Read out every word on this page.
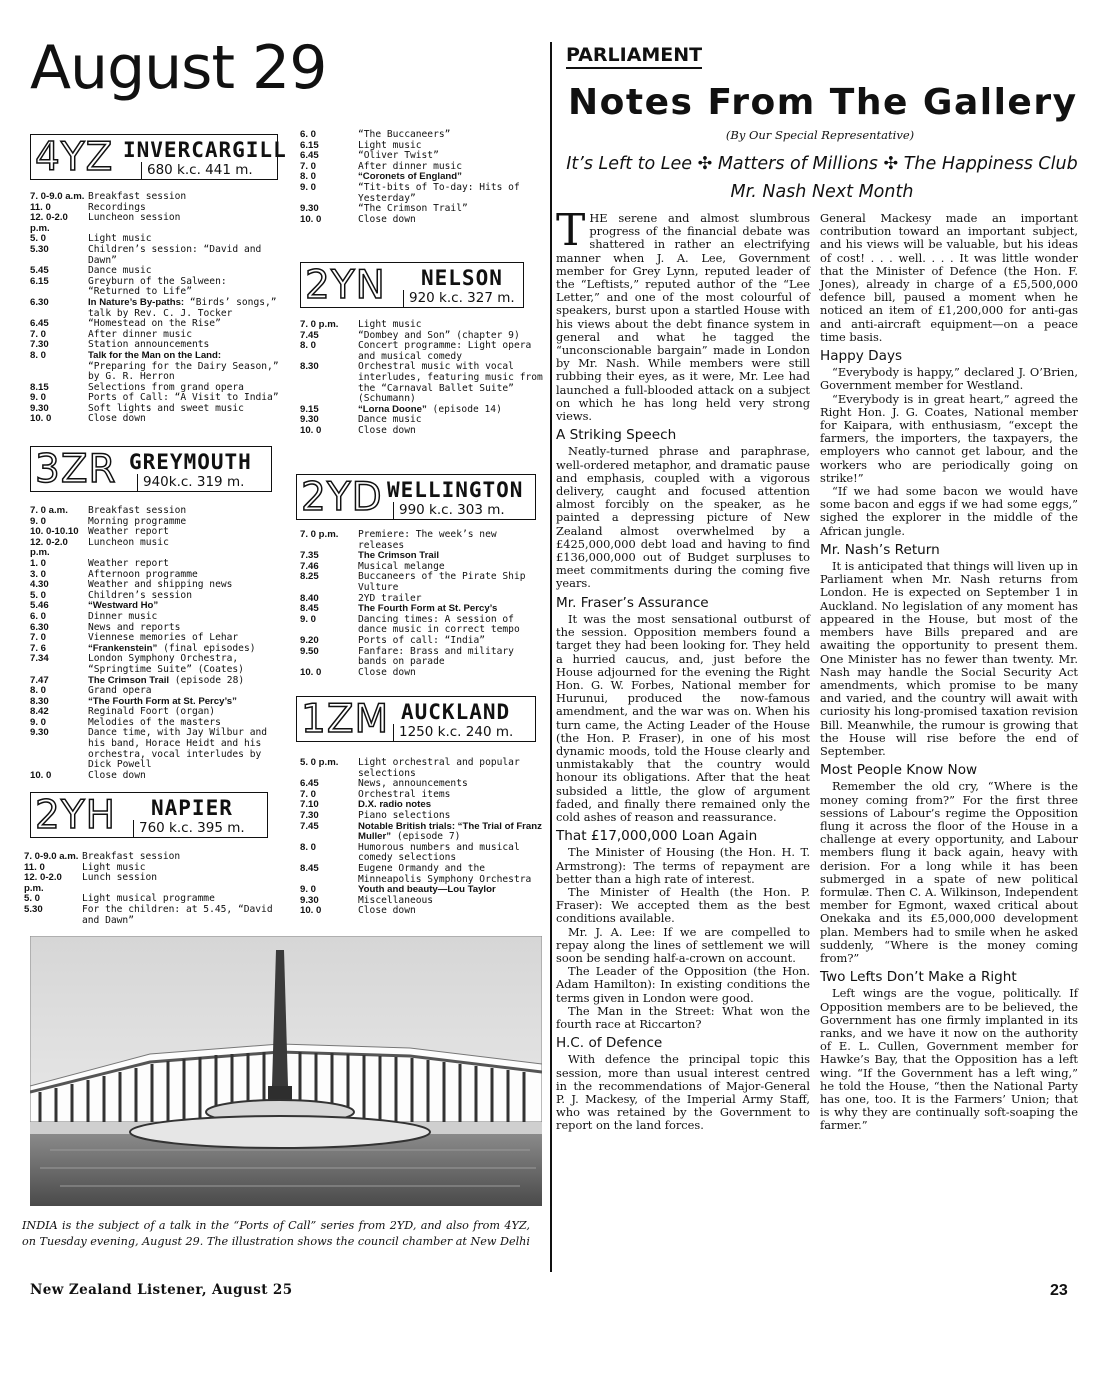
August 29
4YZ INVERCARGILL
680 k.c. 441 m.
7. 0-9.0 a.m. Breakfast session
11. 0	Recordings
12. 0-2.0 p.m.
Luncheon session
5. 0	Light music
5.30	Children’s session: “David and Dawn”
5.45	Dance music
6.15	Greyburn of the Salween: “Returned to Life”
6.30	In Nature’s By-paths: “Birds’ songs,” talk by Rev. C. J. Tocker
6.45	“Homestead on the Rise”
7. 0	After dinner music
7.30	Station announcements
8. 0	Talk for the Man on the Land: “Preparing for the Dairy Season,” by G. R. Herron
8.15	Selections from grand opera
9. 0	Ports of Call: “A Visit to India”
9.30	Soft lights and sweet music
10. 0	Close down
3ZR GREYMOUTH
940k.c. 319 m.
7. 0 a.m.	Breakfast session
9. 0	Morning programme
10. 0-10.10 Weather report
12. 0-2.0 p.m.
Luncheon music
1. 0	Weather report
3. 0	Afternoon programme
4.30	Weather and shipping news
5. 0	Children’s session
5.46	“Westward Ho”
6. 0	Dinner music
6.30	News and reports
7. 0	Viennese memories of Lehar
7. 6	“Frankenstein” (final episodes)
7.34	London Symphony Orchestra, “Springtime Suite” (Coates)
7.47	The Crimson Trail (episode 28)
8. 0	Grand opera
8.30	“The Fourth Form at St. Percy’s”
8.42	Reginald Foort (organ)
9. 0	Melodies of the masters
9.30	Dance time, with Jay Wilbur and his band, Horace Heidt and his orchestra, vocal interludes by Dick Powell
10. 0	Close down
2YH NAPIER
760 k.c. 395 m.
7. 0-9.0 a.m. Breakfast session
11. 0	Light music
12. 0-2.0 p.m.
Lunch session
5. 0	Light musical programme
5.30	For the children: at 5.45, “David and Dawn”
6. 0	“The Buccaneers”
6.15	Light music
6.45	“Oliver Twist”
7. 0	After dinner music
8. 0	“Coronets of England”
9. 0	“Tit-bits of To-day: Hits of Yesterday”
9.30	“The Crimson Trail”
10. 0	Close down
2YN NELSON
920 k.c. 327 m.
7. 0 p.m.	Light music
7.45	“Dombey and Son” (chapter 9)
8. 0	Concert programme: Light opera and musical comedy
8.30	Orchestral music with vocal interludes, featuring music from the “Carnaval Ballet Suite” (Schumann)
9.15	“Lorna Doone” (episode 14)
9.30	Dance music
10. 0	Close down
2YD WELLINGTON
990 k.c. 303 m.
7. 0 p.m.	Premiere: The week’s new releases
7.35	The Crimson Trail
7.46	Musical melange
8.25	Buccaneers of the Pirate Ship Vulture
8.40	2YD trailer
8.45	The Fourth Form at St. Percy’s
9. 0	Dancing times: A session of dance music in correct tempo
9.20	Ports of call: “India”
9.50	Fanfare: Brass and military bands on parade
10. 0	Close down
1ZM AUCKLAND
1250 k.c. 240 m.
5. 0 p.m.	Light orchestral and popular selections
6.45	News, announcements
7. 0	Orchestral items
7.10	D.X. radio notes
7.30	Piano selections
7.45	Notable British trials: “The Trial of Franz Muller” (episode 7)
8. 0	Humorous numbers and musical comedy selections
8.45	Eugene Ormandy and the Minneapolis Symphony Orchestra
9. 0	Youth and beauty—Lou Taylor
9.30	Miscellaneous
10. 0	Close down
INDIA is the subject of a talk in the “Ports of Call” series from 2YD, and also from 4YZ, on Tuesday evening, August 29. The illustration shows the council chamber at New Delhi
New Zealand Listener, August 25	23
PARLIAMENT
Notes From The Gallery
(By Our Special Representative)
It’s Left to Lee ✣ Matters of Millions ✣ The Happiness Club
Mr. Nash Next Month

THE serene and almost slumbrous progress of the financial debate was shattered in rather an electrifying manner when J. A. Lee, Government member for Grey Lynn, reputed leader of the “Leftists,” reputed author of the “Lee Letter,” and one of the most colourful of speakers, burst upon a startled House with his views about the debt finance system in general and what he tagged the “unconscionable bargain” made in London by Mr. Nash. While members were still rubbing their eyes, as it were, Mr. Lee had launched a full-blooded attack on a subject on which he has long held very strong views.

A Striking Speech

Neatly-turned phrase and paraphrase, well-ordered metaphor, and dramatic pause and emphasis, coupled with a vigorous delivery, caught and focused attention almost forcibly on the speaker, as he painted a depressing picture of New Zealand almost overwhelmed by a £425,000,000 debt load and having to find £136,000,000 out of Budget surpluses to meet commitments during the coming five years.

Mr. Fraser’s Assurance

It was the most sensational outburst of the session. Opposition members found a target they had been looking for. They held a hurried caucus, and, just before the House adjourned for the evening the Right Hon. G. W. Forbes, National member for Hurunui, produced the now-famous amendment, and the war was on. When his turn came, the Acting Leader of the House (the Hon. P. Fraser), in one of his most dynamic moods, told the House clearly and unmistakably that the country would honour its obligations. After that the heat subsided a little, the glow of argument faded, and finally there remained only the cold ashes of reason and reassurance.

That £17,000,000 Loan Again

The Minister of Housing (the Hon. H. T. Armstrong): The terms of repayment are better than a high rate of interest.

The Minister of Health (the Hon. P. Fraser): We accepted them as the best conditions available.

Mr. J. A. Lee: If we are compelled to repay along the lines of settlement we will soon be sending half-a-crown on account.

The Leader of the Opposition (the Hon. Adam Hamilton): In existing conditions the terms given in London were good.

The Man in the Street: What won the fourth race at Riccarton?

H.C. of Defence

With defence the principal topic this session, more than usual interest centred in the recommendations of Major-General P. J. Mackesy, of the Imperial Army Staff, who was retained by the Government to report on the land forces.

General Mackesy made an important contribution toward an important subject, and his views will be valuable, but his ideas of cost! . . . well. . . . It was little wonder that the Minister of Defence (the Hon. F. Jones), already in charge of a £5,500,000 defence bill, paused a moment when he noticed an item of £1,200,000 for anti-gas and anti-aircraft equipment—on a peace time basis.

Happy Days

“Everybody is happy,” declared J. O’Brien, Government member for Westland.

“Everybody is in great heart,” agreed the Right Hon. J. G. Coates, National member for Kaipara, with enthusiasm, “except the farmers, the importers, the taxpayers, the employers who cannot get labour, and the workers who are periodically going on strike!”

“If we had some bacon we would have some bacon and eggs if we had some eggs,” sighed the explorer in the middle of the African jungle.

Mr. Nash’s Return

It is anticipated that things will liven up in Parliament when Mr. Nash returns from London. He is expected on September 1 in Auckland. No legislation of any moment has appeared in the House, but most of the members have Bills prepared and are awaiting the opportunity to present them. One Minister has no fewer than twenty. Mr. Nash may handle the Social Security Act amendments, which promise to be many and varied, and the country will await with curiosity his long-promised taxation revision Bill. Meanwhile, the rumour is growing that the House will rise before the end of September.

Most People Know Now

Remember the old cry, “Where is the money coming from?” For the first three sessions of Labour’s regime the Opposition flung it across the floor of the House in a challenge at every opportunity, and Labour members flung it back again, heavy with derision. For a long while it has been submerged in a spate of new political formulæ. Then C. A. Wilkinson, Independent member for Egmont, waxed critical about Onekaka and its £5,000,000 development plan. Members had to smile when he asked suddenly, “Where is the money coming from?”

Two Lefts Don’t Make a Right

Left wings are the vogue, politically. If Opposition members are to be believed, the Government has one firmly implanted in its ranks, and we have it now on the authority of E. L. Cullen, Government member for Hawke’s Bay, that the Opposition has a left wing. “If the Government has a left wing,” he told the House, “then the National Party has one, too. It is the Farmers’ Union; that is why they are continually soft-soaping the farmer.”
